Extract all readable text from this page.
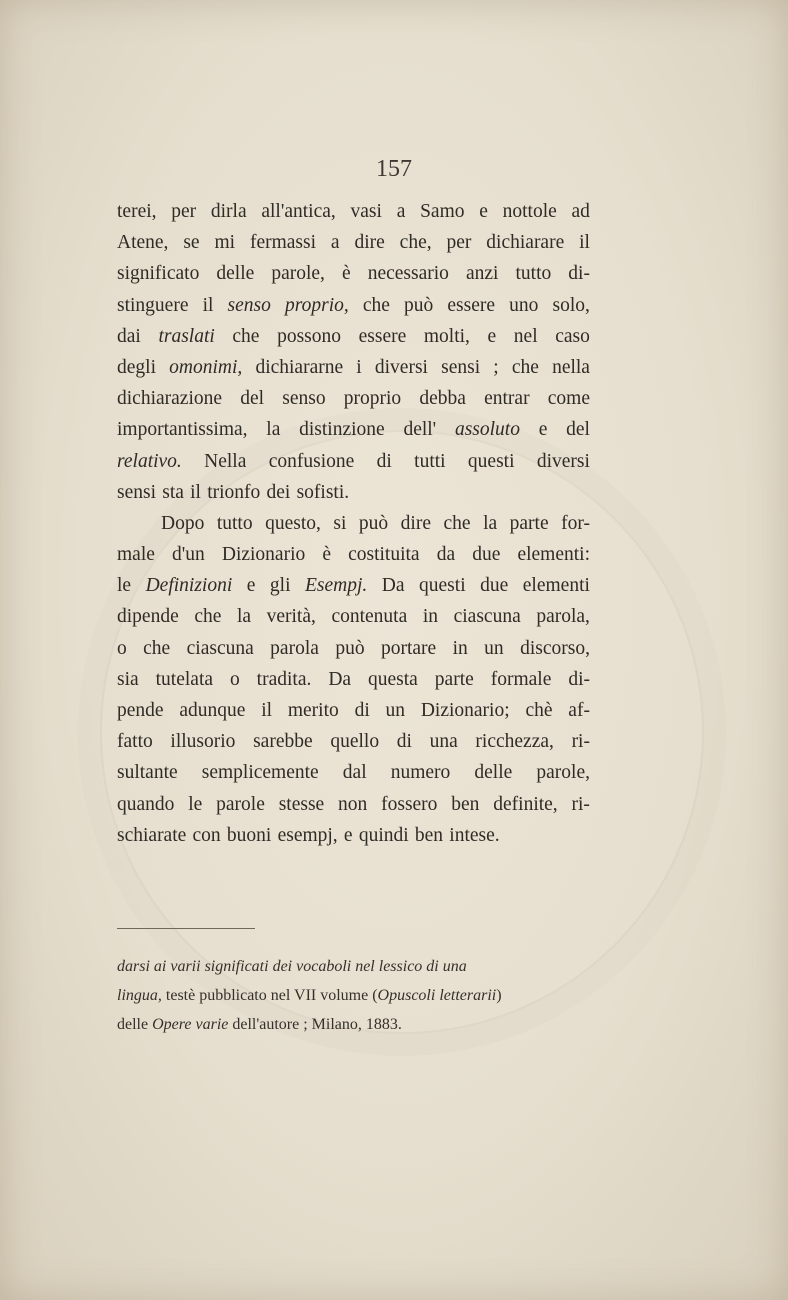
157
terei, per dirla all'antica, vasi a Samo e nottole ad
Atene, se mi fermassi a dire che, per dichiarare il
significato delle parole, è necessario anzi tutto di-
stinguere il senso proprio, che può essere uno solo,
dai traslati che possono essere molti, e nel caso
degli omonimi, dichiararne i diversi sensi ; che nella
dichiarazione del senso proprio debba entrar come
importantissima, la distinzione dell' assoluto e del
relativo. Nella confusione di tutti questi diversi
sensi sta il trionfo dei sofisti.
Dopo tutto questo, si può dire che la parte for-
male d'un Dizionario è costituita da due elementi:
le Definizioni e gli Esempj. Da questi due elementi
dipende che la verità, contenuta in ciascuna parola,
o che ciascuna parola può portare in un discorso,
sia tutelata o tradita. Da questa parte formale di-
pende adunque il merito di un Dizionario; chè af-
fatto illusorio sarebbe quello di una ricchezza, ri-
sultante semplicemente dal numero delle parole,
quando le parole stesse non fossero ben definite, ri-
schiarate con buoni esempj, e quindi ben intese.
darsi ai varii significati dei vocaboli nel lessico di una
lingua, testè pubblicato nel VII volume (Opuscoli letterarii)
delle Opere varie dell'autore ; Milano, 1883.
